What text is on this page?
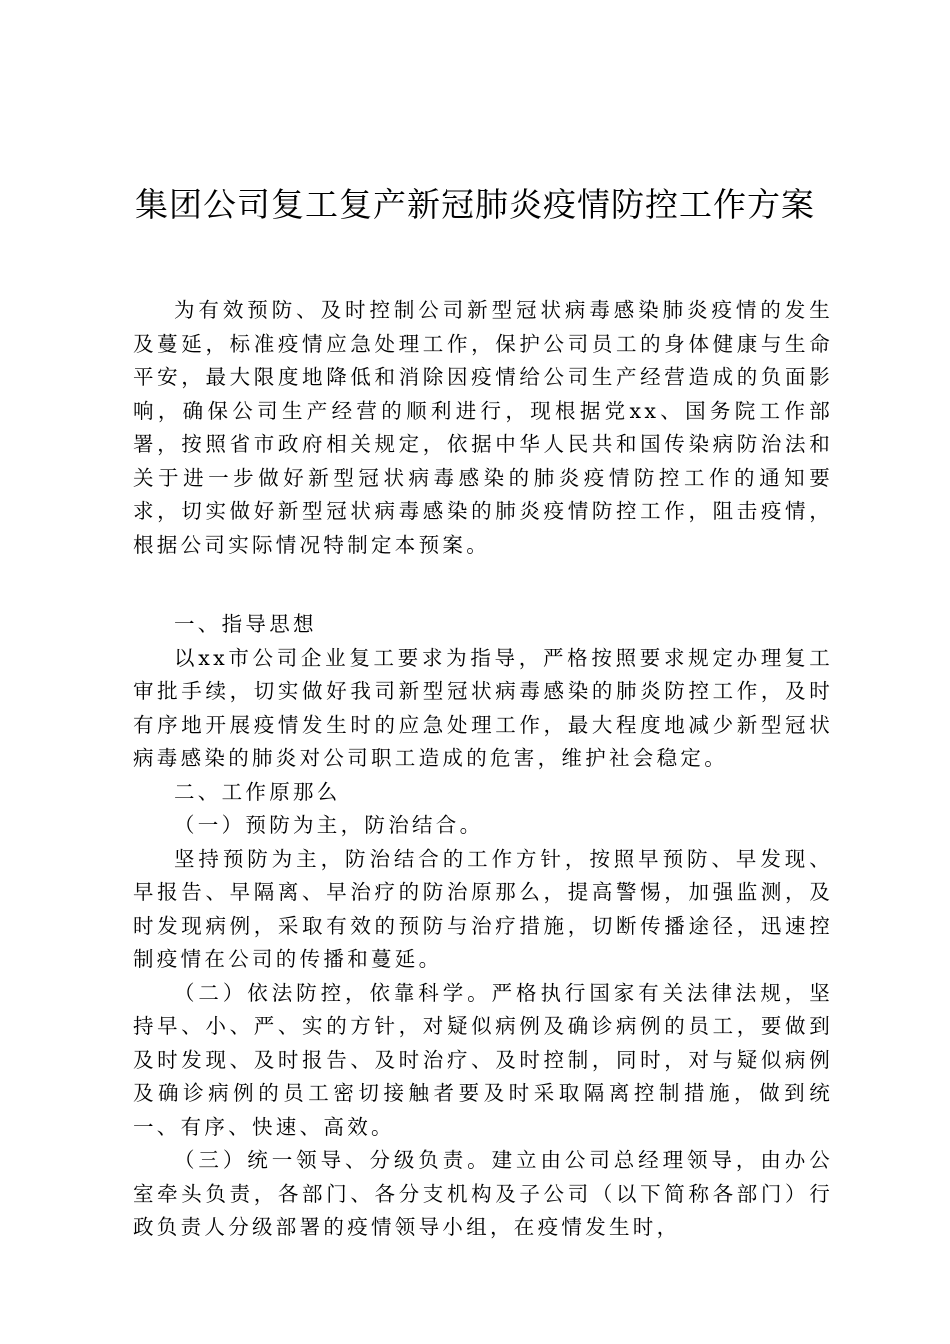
集团公司复工复产新冠肺炎疫情防控工作方案

为有效预防、及时控制公司新型冠状病毒感染肺炎疫情的发生及蔓延，标准疫情应急处理工作，保护公司员工的身体健康与生命平安，最大限度地降低和消除因疫情给公司生产经营造成的负面影响，确保公司生产经营的顺利进行，现根据党xx、国务院工作部署，按照省市政府相关规定，依据中华人民共和国传染病防治法和关于进一步做好新型冠状病毒感染的肺炎疫情防控工作的通知要求，切实做好新型冠状病毒感染的肺炎疫情防控工作，阻击疫情，根据公司实际情况特制定本预案。

一、指导思想

以xx市公司企业复工要求为指导，严格按照要求规定办理复工审批手续，切实做好我司新型冠状病毒感染的肺炎防控工作，及时有序地开展疫情发生时的应急处理工作，最大程度地减少新型冠状病毒感染的肺炎对公司职工造成的危害，维护社会稳定。

二、工作原那么

（一）预防为主，防治结合。

坚持预防为主，防治结合的工作方针，按照早预防、早发现、早报告、早隔离、早治疗的防治原那么，提高警惕，加强监测，及时发现病例，采取有效的预防与治疗措施，切断传播途径，迅速控制疫情在公司的传播和蔓延。

（二）依法防控，依靠科学。严格执行国家有关法律法规，坚持早、小、严、实的方针，对疑似病例及确诊病例的员工，要做到及时发现、及时报告、及时治疗、及时控制，同时，对与疑似病例及确诊病例的员工密切接触者要及时采取隔离控制措施，做到统一、有序、快速、高效。

（三）统一领导、分级负责。建立由公司总经理领导，由办公室牵头负责，各部门、各分支机构及子公司（以下简称各部门）行政负责人分级部署的疫情领导小组，在疫情发生时，
